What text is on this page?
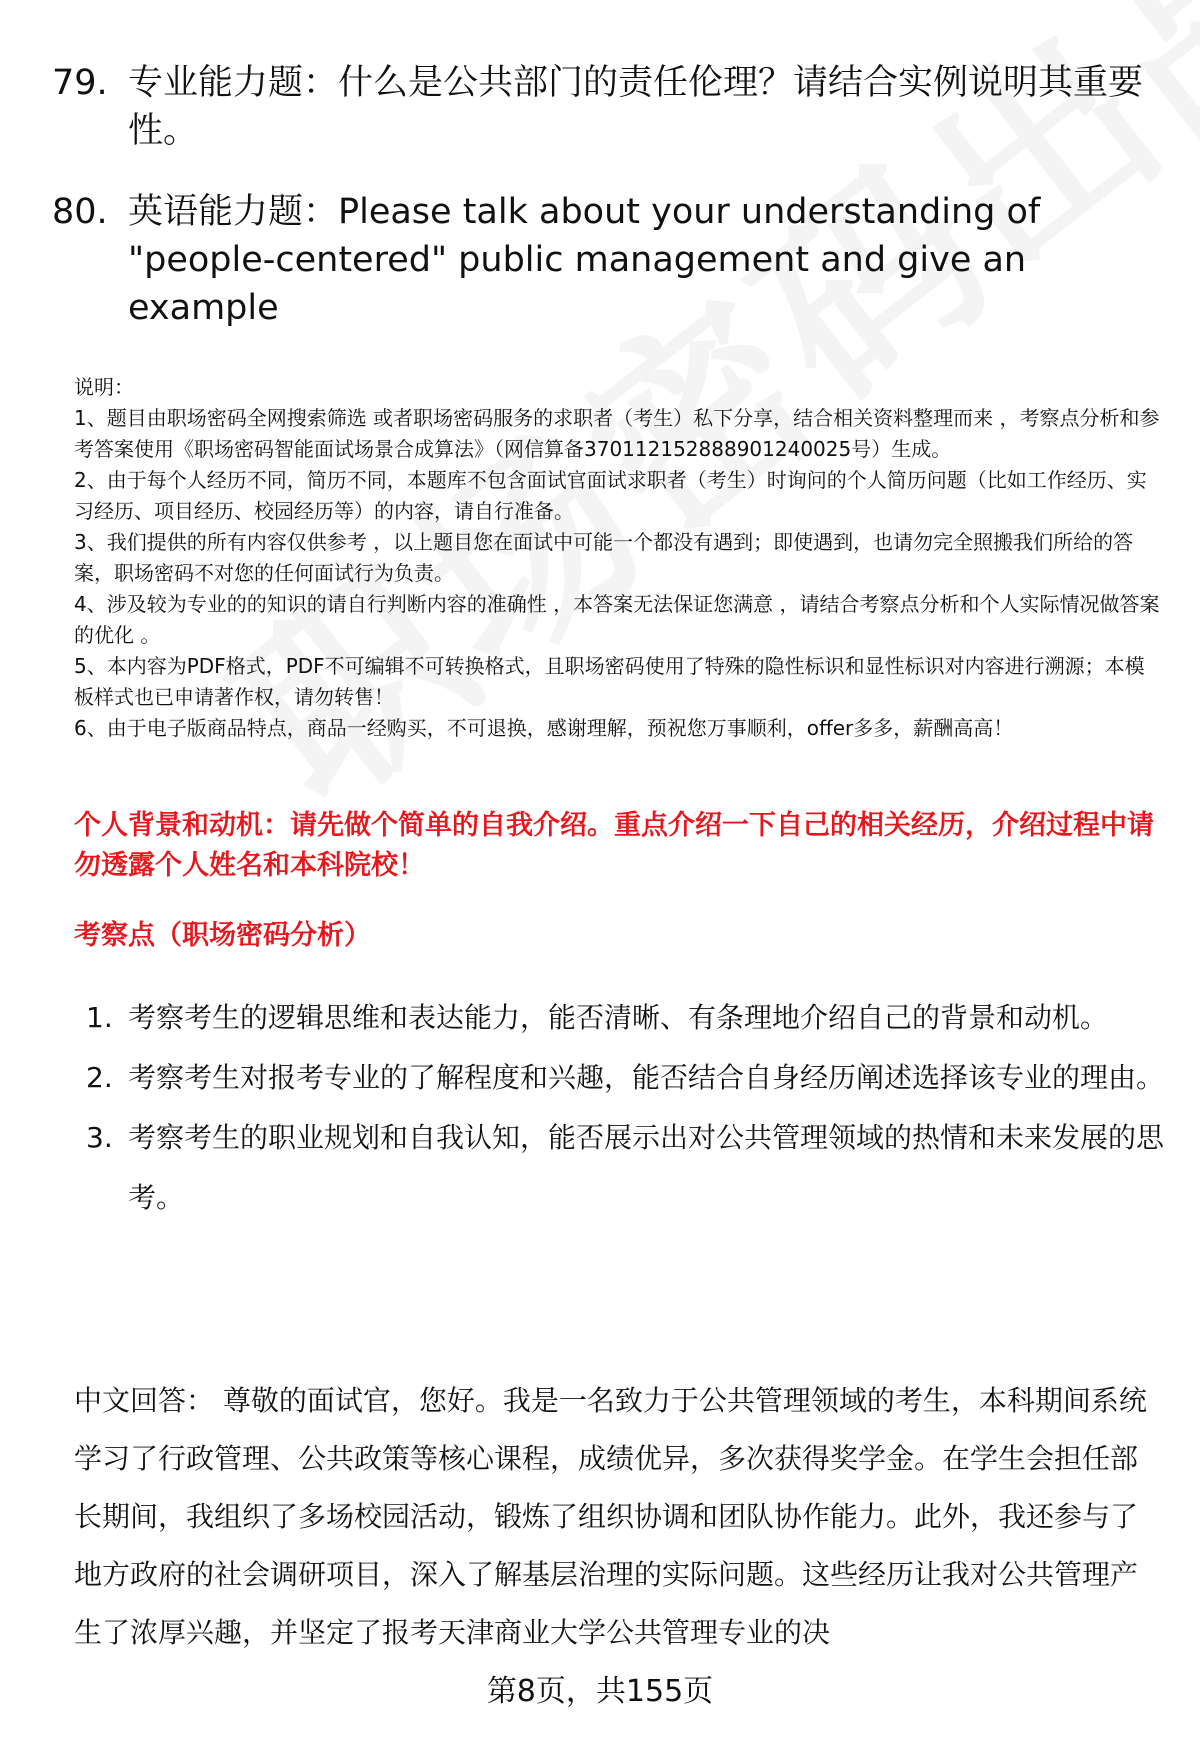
79. 专业能力题：什么是公共部门的责任伦理？请结合实例说明其重要性。
80. 英语能力题：Please talk about your understanding of "people-centered" public management and give an example
说明：
1、题目由职场密码全网搜索筛选 或者职场密码服务的求职者（考生）私下分享，结合相关资料整理而来 ，考察点分析和参考答案使用《职场密码智能面试场景合成算法》（网信算备370112152888901240025号）生成。
2、由于每个人经历不同，简历不同，本题库不包含面试官面试求职者（考生）时询问的个人简历问题（比如工作经历、实习经历、项目经历、校园经历等）的内容，请自行准备。
3、我们提供的所有内容仅供参考 ，以上题目您在面试中可能一个都没有遇到；即使遇到，也请勿完全照搬我们所给的答案，职场密码不对您的任何面试行为负责。
4、涉及较为专业的的知识的请自行判断内容的准确性 ，本答案无法保证您满意 ，请结合考察点分析和个人实际情况做答案的优化 。
5、本内容为PDF格式，PDF不可编辑不可转换格式，且职场密码使用了特殊的隐性标识和显性标识对内容进行溯源；本模板样式也已申请著作权，请勿转售！
6、由于电子版商品特点，商品一经购买，不可退换，感谢理解，预祝您万事顺利，offer多多，薪酬高高！
个人背景和动机：请先做个简单的自我介绍。重点介绍一下自己的相关经历，介绍过程中请勿透露个人姓名和本科院校！
考察点（职场密码分析）
1. 考察考生的逻辑思维和表达能力，能否清晰、有条理地介绍自己的背景和动机。
2. 考察考生对报考专业的了解程度和兴趣，能否结合自身经历阐述选择该专业的理由。
3. 考察考生的职业规划和自我认知，能否展示出对公共管理领域的热情和未来发展的思考。
中文回答： 尊敬的面试官，您好。我是一名致力于公共管理领域的考生，本科期间系统学习了行政管理、公共政策等核心课程，成绩优异，多次获得奖学金。在学生会担任部长期间，我组织了多场校园活动，锻炼了组织协调和团队协作能力。此外，我还参与了地方政府的社会调研项目，深入了解基层治理的实际问题。这些经历让我对公共管理产生了浓厚兴趣，并坚定了报考天津商业大学公共管理专业的决
第8页，共155页
